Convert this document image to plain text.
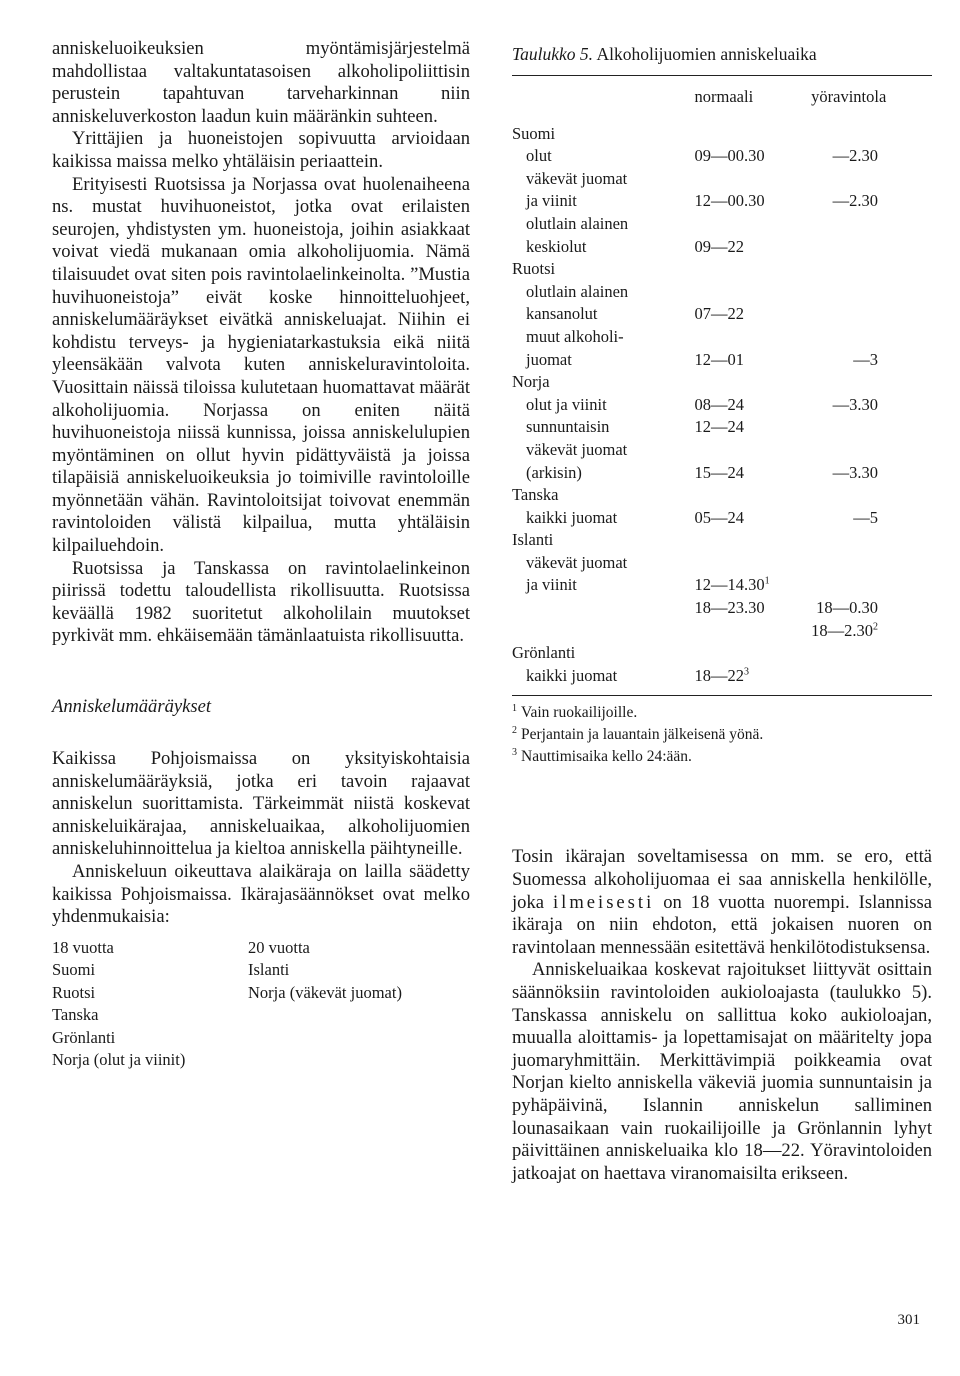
anniskeluoikeuksien myöntämisjärjestelmä mahdollistaa valtakuntatasoisen alkoholipoliittisin perustein tapahtuvan tarveharkinnan niin anniskeluverkoston laadun kuin määränkin suhteen.

Yrittäjien ja huoneistojen sopivuutta arvioidaan kaikissa maissa melko yhtäläisin periaattein.

Erityisesti Ruotsissa ja Norjassa ovat huolenaiheena ns. mustat huvihuoneistot, jotka ovat erilaisten seurojen, yhdistysten ym. huoneistoja, joihin asiakkaat voivat viedä mukanaan omia alkoholijuomia. Nämä tilaisuudet ovat siten pois ravintolaelinkeinolta. ”Mustia huvihuoneistoja” eivät koske hinnoitteluohjeet, anniskelumääräykset eivätkä anniskeluajat. Niihin ei kohdistu terveys- ja hygieniatarkastuksia eikä niitä yleensäkään valvota kuten anniskeluravintoloita. Vuosittain näissä tiloissa kulutetaan huomattavat määrät alkoholijuomia. Norjassa on eniten näitä huvihuoneistoja niissä kunnissa, joissa anniskelulupien myöntäminen on ollut hyvin pidättyväistä ja joissa tilapäisiä anniskeluoikeuksia jo toimiville ravintoloille myönnetään vähän. Ravintoloitsijat toivovat enemmän ravintoloiden välistä kilpailua, mutta yhtäläisin kilpailuehdoin.

Ruotsissa ja Tanskassa on ravintolaelinkeinon piirissä todettu taloudellista rikollisuutta. Ruotsissa keväällä 1982 suoritetut alkoholilain muutokset pyrkivät mm. ehkäisemään tämänlaatuista rikollisuutta.

Anniskelumääräykset

Kaikissa Pohjoismaissa on yksityiskohtaisia anniskelumääräyksiä, jotka eri tavoin rajaavat anniskelun suorittamista. Tärkeimmät niistä koskevat anniskeluikärajaa, anniskeluaikaa, alkoholijuomien anniskeluhinnoittelua ja kieltoa anniskella päihtyneille.

Anniskeluun oikeuttava alaikäraja on lailla säädetty kaikissa Pohjoismaissa. Ikärajasäännökset ovat melko yhdenmukaisia:

18 vuotta
Suomi
Ruotsi
Tanska
Grönlanti
Norja (olut ja viinit)
20 vuotta
Islanti
Norja (väkevät juomat)
Taulukko 5. Alkoholijuomien anniskeluaika
	normaali	yöravintola
Suomi		
olut	09—00.30	—2.30
väkevät juomat		
ja viinit	12—00.30	—2.30
olutlain alainen		
keskiolut	09—22	
Ruotsi		
olutlain alainen		
kansanolut	07—22	
muut alkoholi-		
juomat	12—01	—3
Norja		
olut ja viinit	08—24	—3.30
sunnuntaisin	12—24	
väkevät juomat		
(arkisin)	15—24	—3.30
Tanska		
kaikki juomat	05—24	—5
Islanti		
väkevät juomat		
ja viinit	12—14.30$^1$	
	18—23.30	18—0.30
		18—2.30$^2$
Grönlanti		
kaikki juomat	$18—22^3$	
$^1$ Vain ruokailijoille.
$^2$ Perjantain ja lauantain jälkeisenä yönä.
$^3$ Nauttimisaika kello 24:ään.

Tosin ikärajan soveltamisessa on mm. se ero, että Suomessa alkoholijuomaa ei saa anniskella henkilölle, joka ilmeisesti on 18 vuotta nuorempi. Islannissa ikäraja on niin ehdoton, että jokaisen nuoren on ravintolaan mennessään esitettävä henkilötodistuksensa.

Anniskeluaikaa koskevat rajoitukset liittyvät osittain säännöksiin ravintoloiden aukioloajasta (taulukko 5). Tanskassa anniskelu on sallittua koko aukioloajan, muualla aloittamis- ja lopettamisajat on määritelty jopa juomaryhmittäin. Merkittävimpiä poikkeamia ovat Norjan kielto anniskella väkeviä juomia sunnuntaisin ja pyhäpäivinä, Islannin anniskelun salliminen lounasaikaan vain ruokailijoille ja Grönlannin lyhyt päivittäinen anniskeluaika klo 18—22. Yöravintoloiden jatkoajat on haettava viranomaisilta erikseen.

301
